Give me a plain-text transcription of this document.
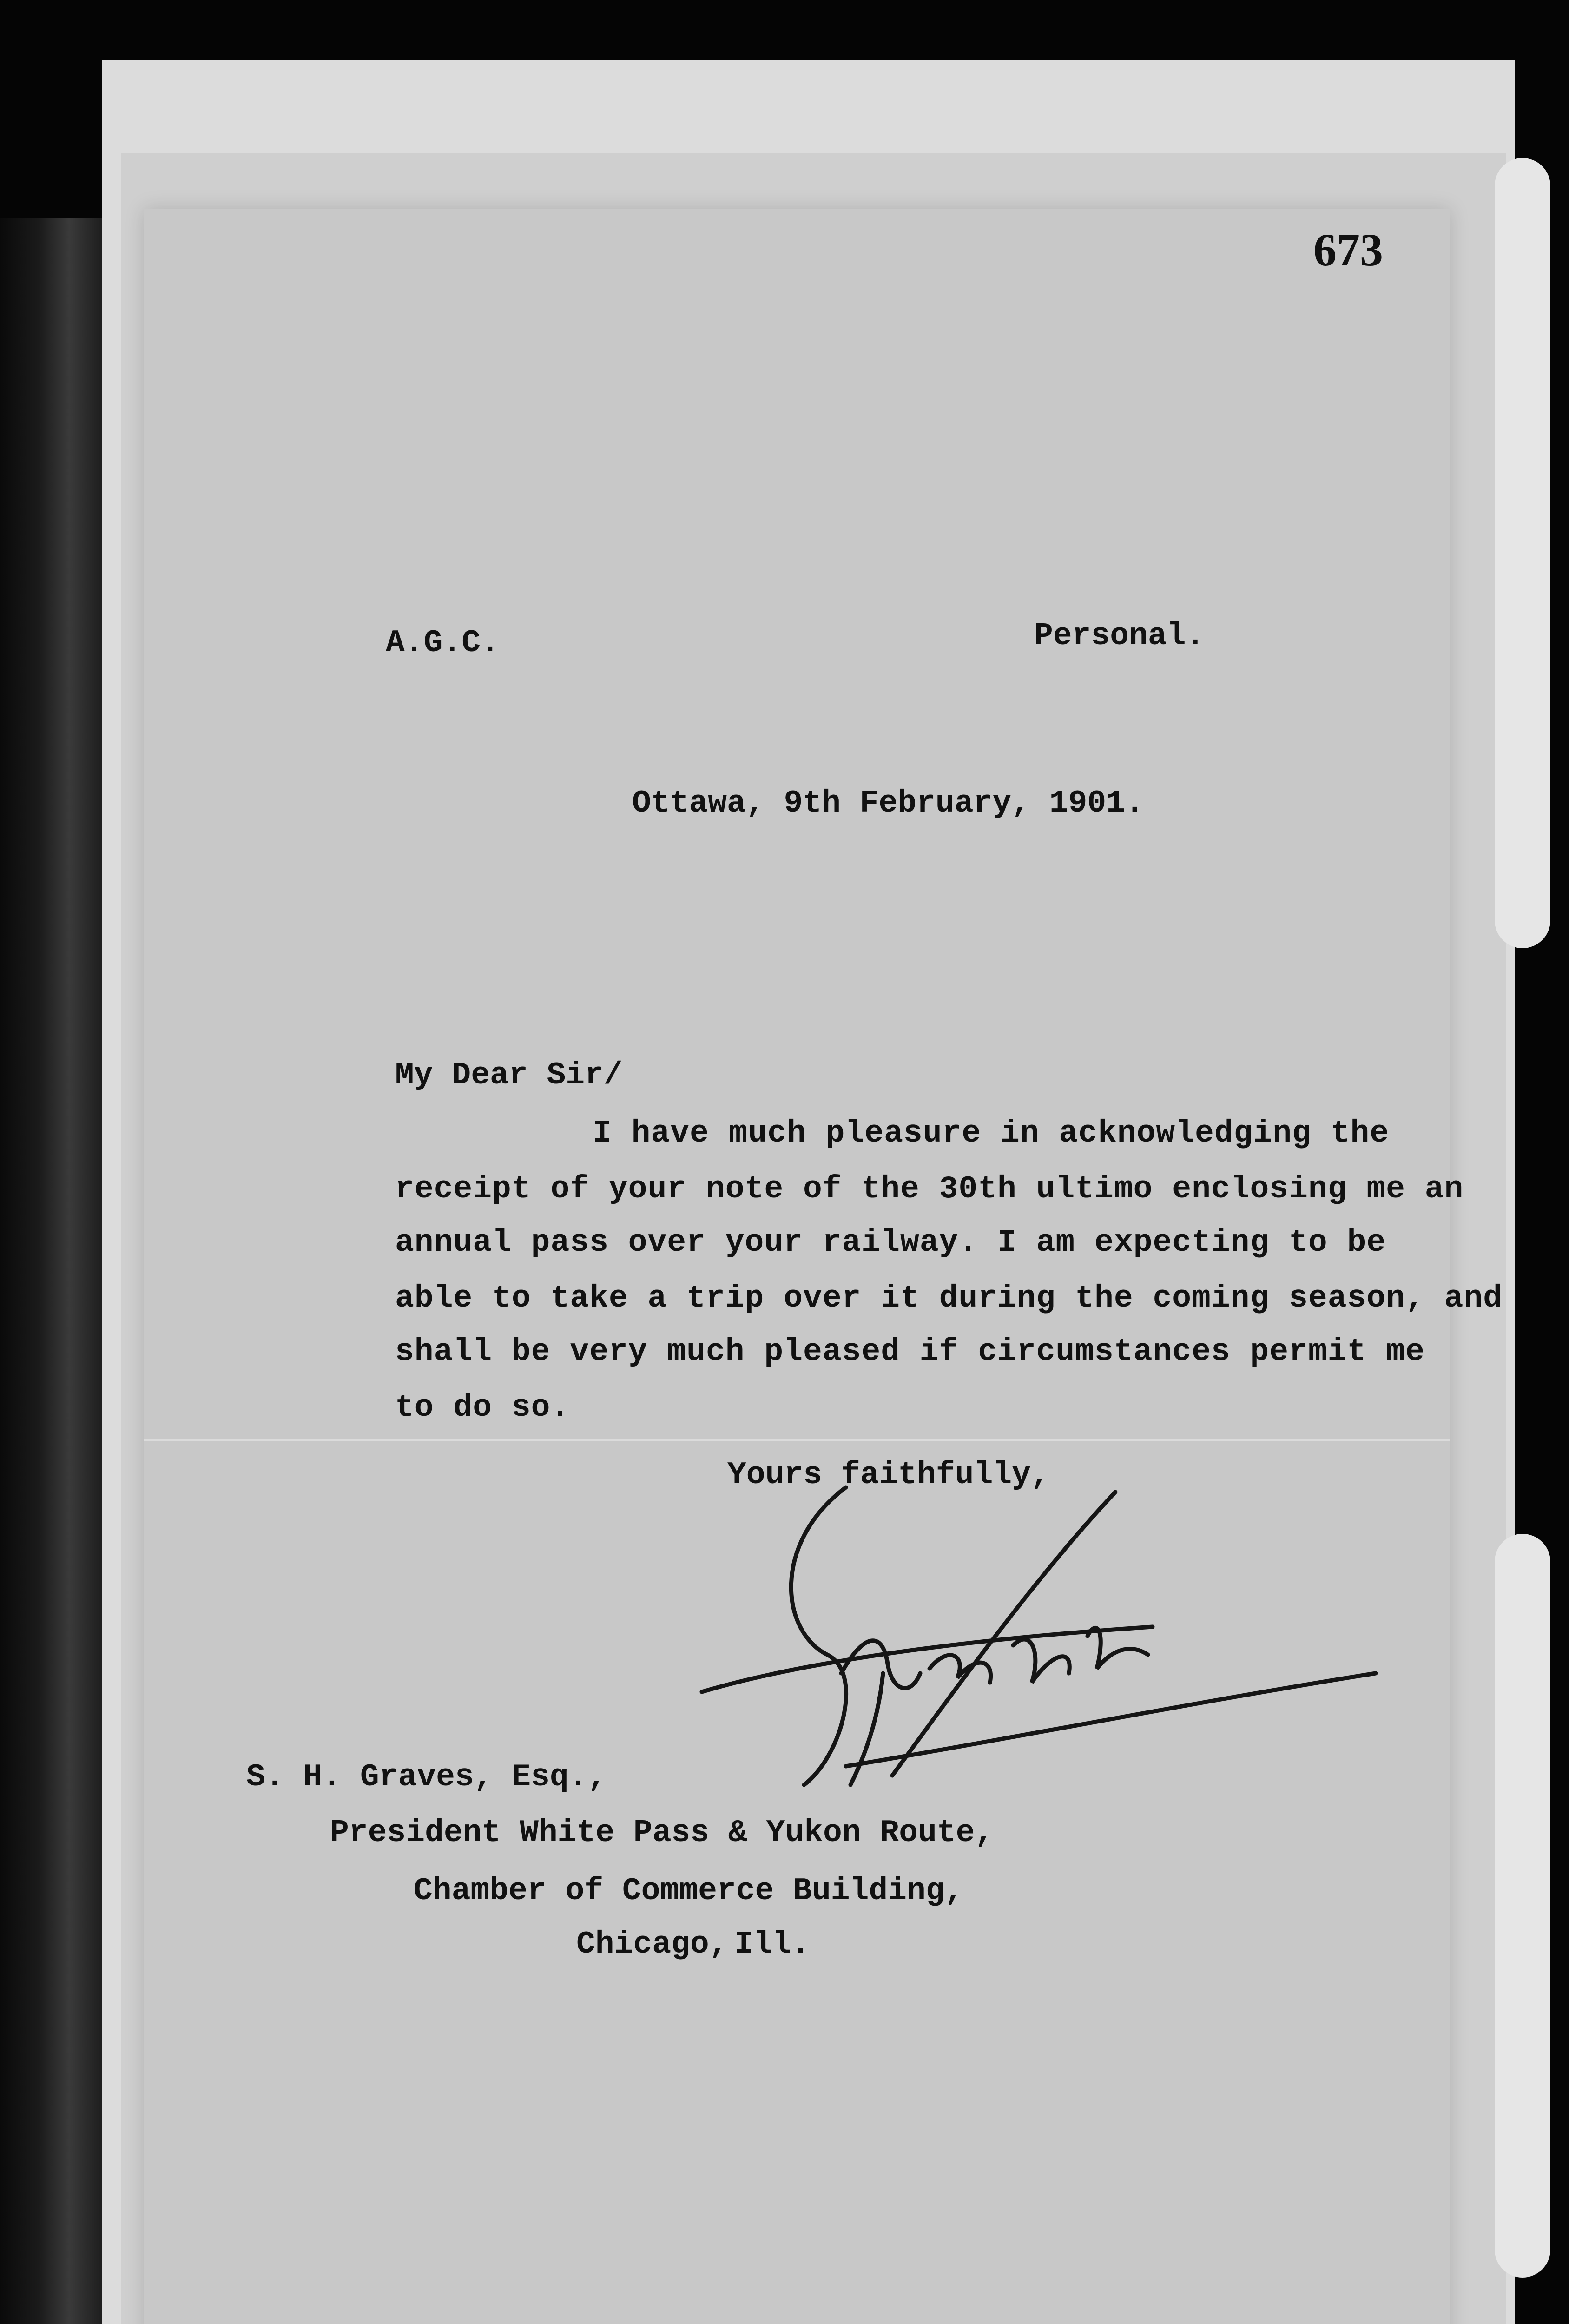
673
A.G.C.	Personal.
Ottawa, 9th February, 1901.
My Dear Sir/
I have much pleasure in acknowledging the
receipt of your note of the 30th ultimo enclosing me an
annual pass over your railway. I am expecting to be
able to take a trip over it during the coming season, and
shall be very much pleased if circumstances permit me
to do so.
Yours faithfully,
S. H. Graves, Esq.,
President White Pass & Yukon Route,
Chamber of Commerce Building,
Chicago, Ill.
